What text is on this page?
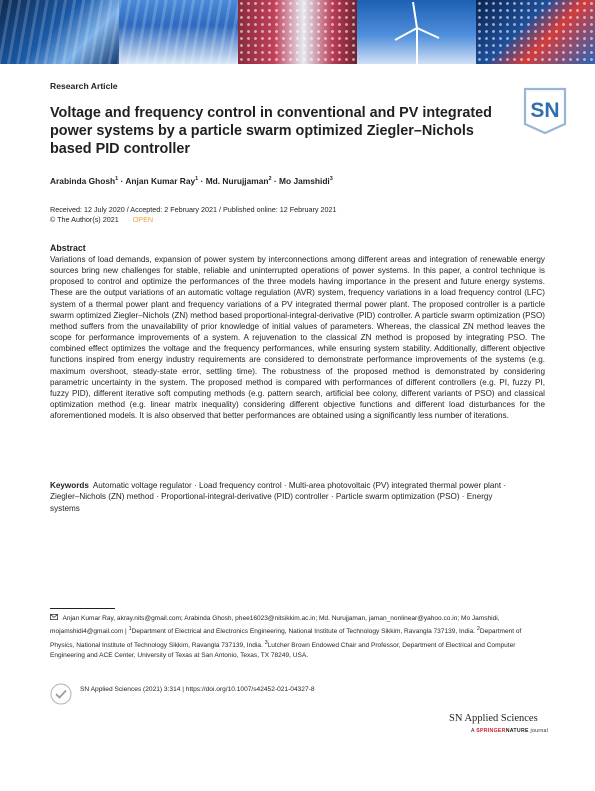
Research Article
Voltage and frequency control in conventional and PV integrated power systems by a particle swarm optimized Ziegler–Nichols based PID controller
SN
Arabinda Ghosh$^1$ · Anjan Kumar Ray$^1$ · Md. Nurujjaman$^2$ · Mo Jamshidi$^3$
Received: 12 July 2020 / Accepted: 2 February 2021 / Published online: 12 February 2021
© The Author(s) 2021 OPEN
Abstract
Variations of load demands, expansion of power system by interconnections among different areas and integration of renewable energy sources bring new challenges for stable, reliable and uninterrupted operations of power systems. In this paper, a control technique is proposed to control and optimize the performances of the three models having importance in the present and future energy systems. These are the output variations of an automatic voltage regulation (AVR) system, frequency variations in a load frequency control (LFC) system of a thermal power plant and frequency variations of a PV integrated thermal power plant. The proposed controller is a particle swarm optimized Ziegler–Nichols (ZN) method based proportional-integral-derivative (PID) controller. A particle swarm optimization (PSO) method suffers from the unavailability of prior knowledge of initial values of parameters. Whereas, the classical ZN method leaves the scope for performance improvements of a system. A rejuvenation to the classical ZN method is proposed by integrating PSO. The combined effect optimizes the voltage and the frequency performances, while ensuring system stability. Additionally, different objective functions inspired from energy industry requirements are considered to demonstrate performance improvements of the systems (e.g. maximum overshoot, steady-state error, settling time). The robustness of the proposed method is demonstrated by considering parametric uncertainty in the system. The proposed method is compared with performances of different controllers (e.g. PI, fuzzy PI, fuzzy PID), different iterative soft computing methods (e.g. pattern search, artificial bee colony, different variants of PSO) and classical optimization method (e.g. linear matrix inequality) considering different objective functions and different load disturbances for the aforementioned models. It is also observed that better performances are obtained using a significantly less number of iterations.
Keywords Automatic voltage regulator · Load frequency control · Multi-area photovoltaic (PV) integrated thermal power plant · Ziegler–Nichols (ZN) method · Proportional-integral-derivative (PID) controller · Particle swarm optimization (PSO) · Energy systems
Anjan Kumar Ray, akray.nits@gmail.com; Arabinda Ghosh, phee16023@nitsikkim.ac.in; Md. Nurujjaman, jaman_nonlinear@yahoo.co.in; Mo Jamshidi, mojamshidi4@gmail.com | $^1$Department of Electrical and Electronics Engineering, National Institute of Technology Sikkim, Ravangla 737139, India. $^2$Department of Physics, National Institute of Technology Sikkim, Ravangla 737139, India. $^3$Lutcher Brown Endowed Chair and Professor, Department of Electrical and Computer Engineering and ACE Center, University of Texas at San Antonio, Texas, TX 78249, USA.
SN Applied Sciences (2021) 3:314 | https://doi.org/10.1007/s42452-021-04327-8
SN Applied Sciences
A SPRINGERNATURE journal
